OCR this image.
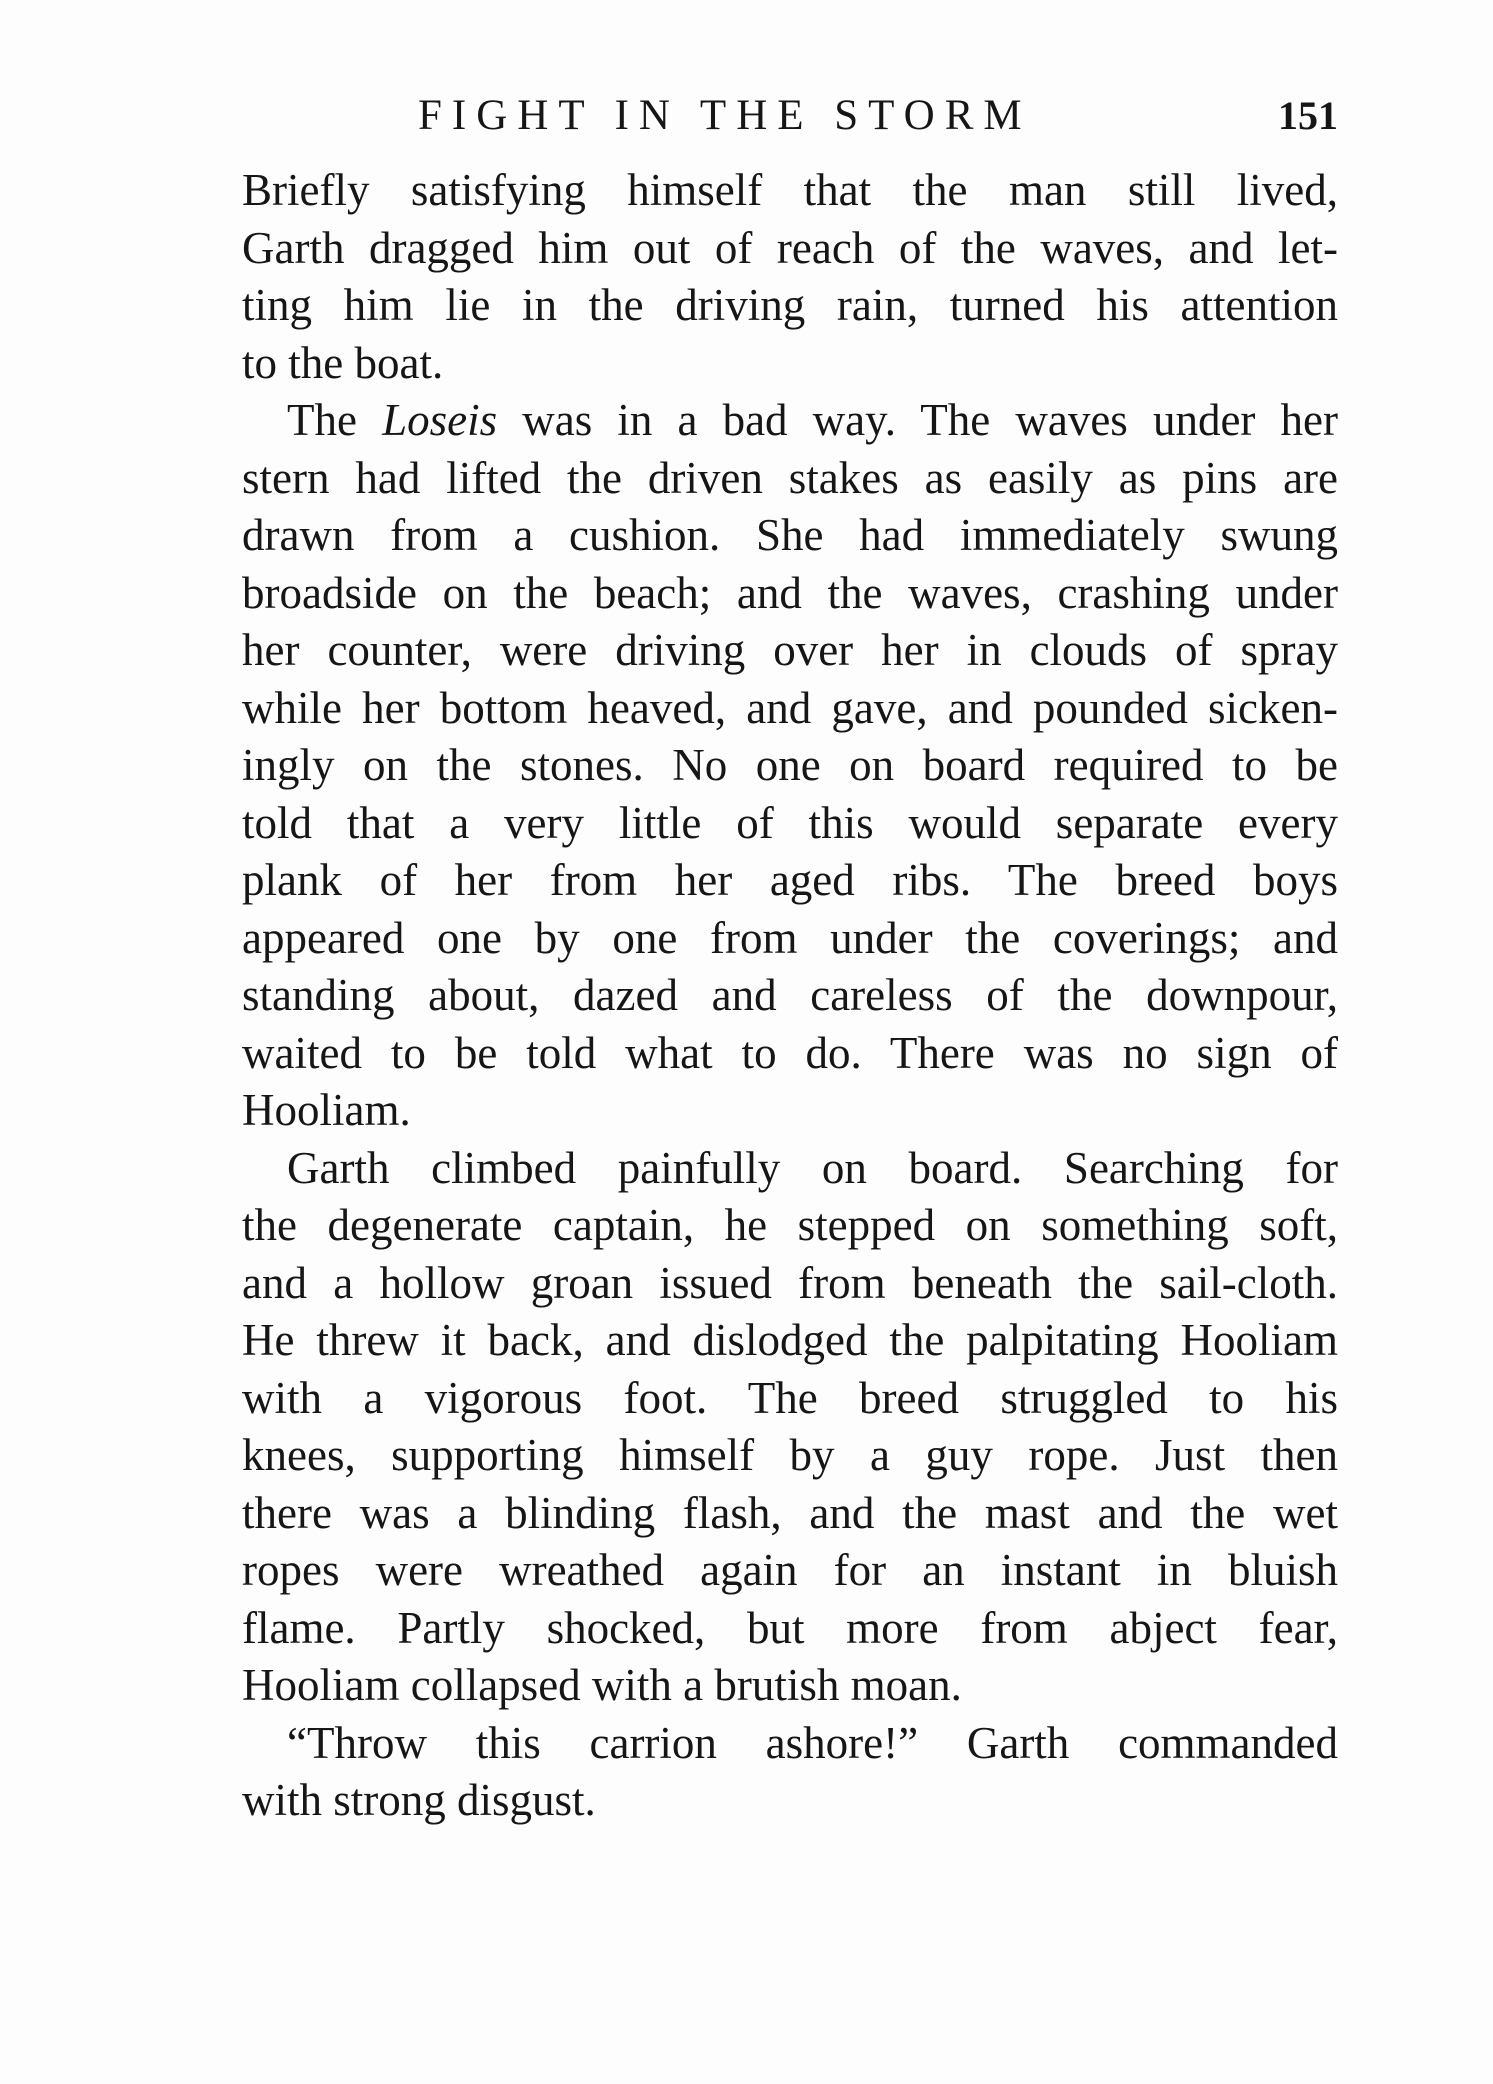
FIGHT IN THE STORM	151
Briefly satisfying himself that the man still lived,
Garth dragged him out of reach of the waves, and let-
ting him lie in the driving rain, turned his attention
to the boat.
The Loseis was in a bad way. The waves under her
stern had lifted the driven stakes as easily as pins are
drawn from a cushion. She had immediately swung
broadside on the beach; and the waves, crashing under
her counter, were driving over her in clouds of spray
while her bottom heaved, and gave, and pounded sicken-
ingly on the stones. No one on board required to be
told that a very little of this would separate every
plank of her from her aged ribs. The breed boys
appeared one by one from under the coverings; and
standing about, dazed and careless of the downpour,
waited to be told what to do. There was no sign of
Hooliam.
Garth climbed painfully on board. Searching for
the degenerate captain, he stepped on something soft,
and a hollow groan issued from beneath the sail-cloth.
He threw it back, and dislodged the palpitating Hooliam
with a vigorous foot. The breed struggled to his
knees, supporting himself by a guy rope. Just then
there was a blinding flash, and the mast and the wet
ropes were wreathed again for an instant in bluish
flame. Partly shocked, but more from abject fear,
Hooliam collapsed with a brutish moan.
“Throw this carrion ashore!” Garth commanded
with strong disgust.
